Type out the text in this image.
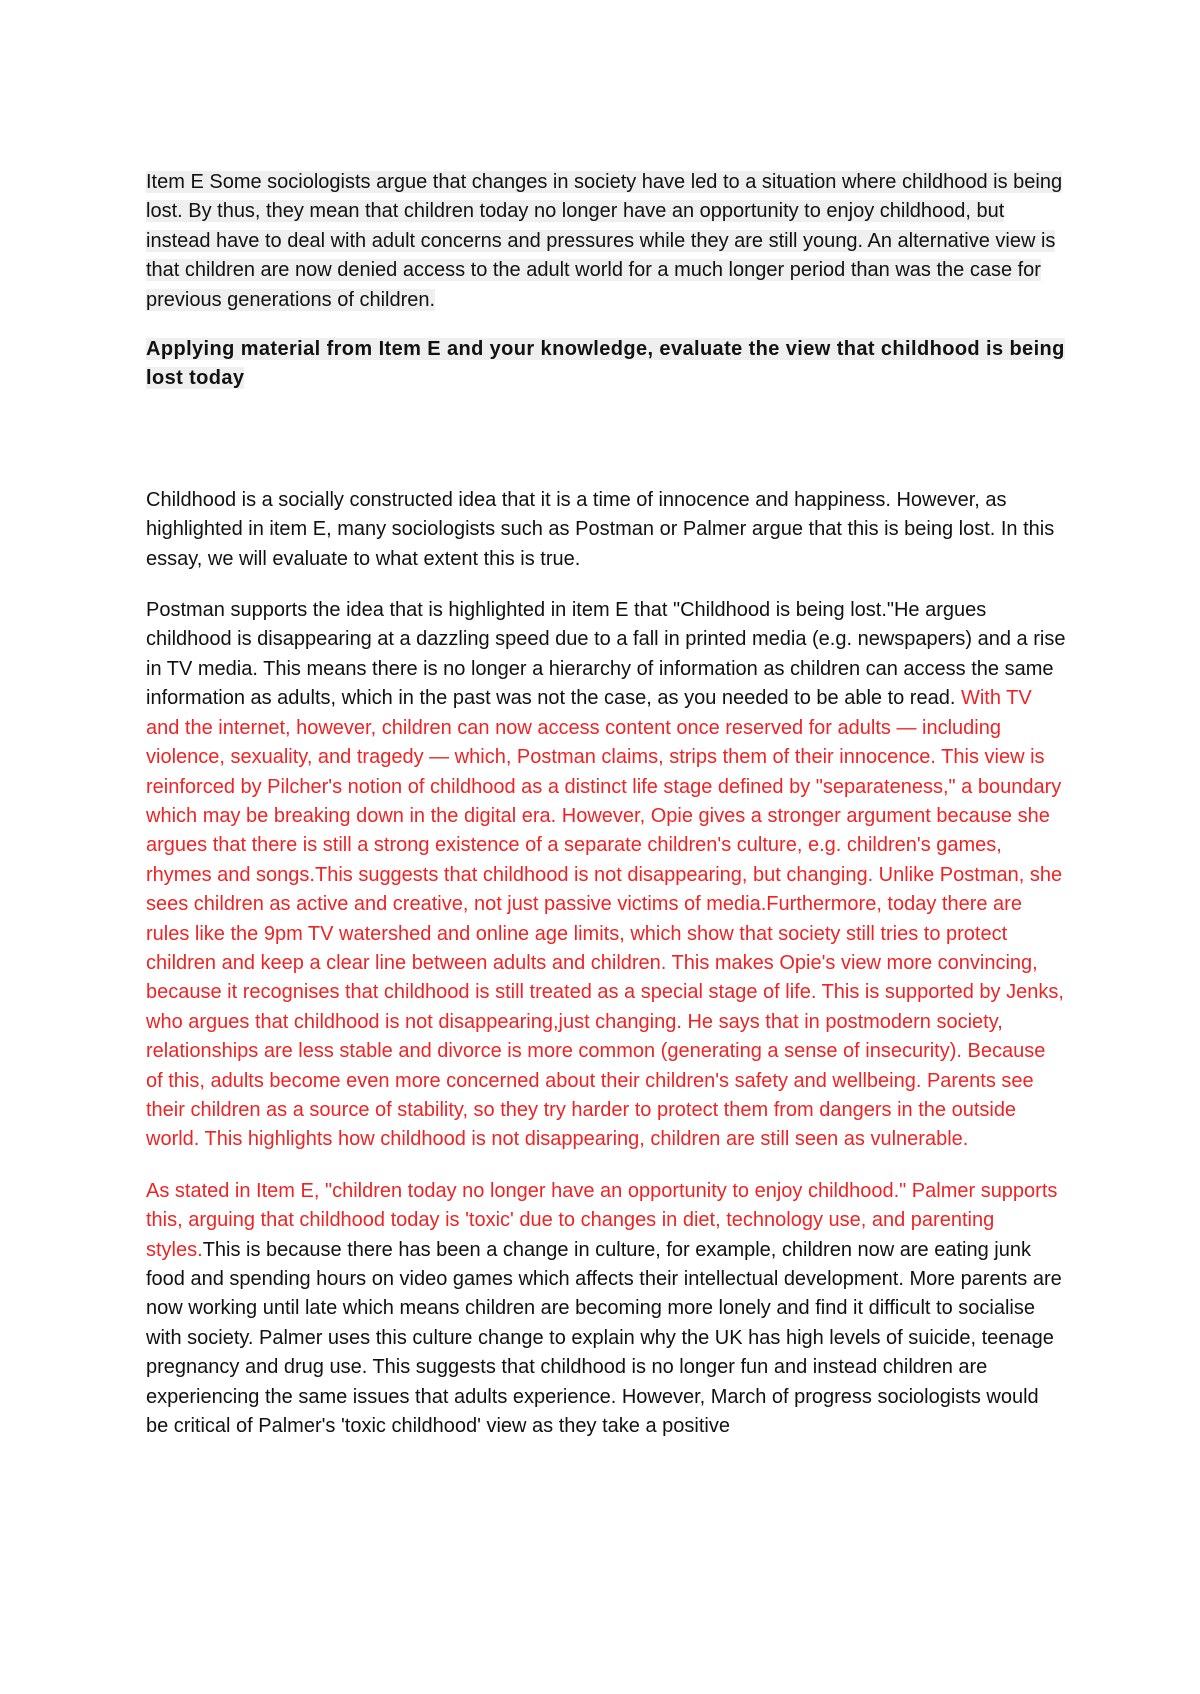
Item E Some sociologists argue that changes in society have led to a situation where childhood is being lost. By thus, they mean that children today no longer have an opportunity to enjoy childhood, but instead have to deal with adult concerns and pressures while they are still young. An alternative view is that children are now denied access to the adult world for a much longer period than was the case for previous generations of children.

Applying material from Item E and your knowledge, evaluate the view that childhood is being lost today

Childhood is a socially constructed idea that it is a time of innocence and happiness. However, as highlighted in item E, many sociologists such as Postman or Palmer argue that this is being lost. In this essay, we will evaluate to what extent this is true.

Postman supports the idea that is highlighted in item E that "Childhood is being lost."He argues childhood is disappearing at a dazzling speed due to a fall in printed media (e.g. newspapers) and a rise in TV media. This means there is no longer a hierarchy of information as children can access the same information as adults, which in the past was not the case, as you needed to be able to read. With TV and the internet, however, children can now access content once reserved for adults — including violence, sexuality, and tragedy — which, Postman claims, strips them of their innocence. This view is reinforced by Pilcher's notion of childhood as a distinct life stage defined by "separateness," a boundary which may be breaking down in the digital era. However, Opie gives a stronger argument because she argues that there is still a strong existence of a separate children's culture, e.g. children's games, rhymes and songs.This suggests that childhood is not disappearing, but changing. Unlike Postman, she sees children as active and creative, not just passive victims of media.Furthermore, today there are rules like the 9pm TV watershed and online age limits, which show that society still tries to protect children and keep a clear line between adults and children. This makes Opie's view more convincing, because it recognises that childhood is still treated as a special stage of life. This is supported by Jenks, who argues that childhood is not disappearing,just changing. He says that in postmodern society, relationships are less stable and divorce is more common (generating a sense of insecurity). Because of this, adults become even more concerned about their children's safety and wellbeing. Parents see their children as a source of stability, so they try harder to protect them from dangers in the outside world. This highlights how childhood is not disappearing, children are still seen as vulnerable.

As stated in Item E, "children today no longer have an opportunity to enjoy childhood." Palmer supports this, arguing that childhood today is 'toxic' due to changes in diet, technology use, and parenting styles.This is because there has been a change in culture, for example, children now are eating junk food and spending hours on video games which affects their intellectual development. More parents are now working until late which means children are becoming more lonely and find it difficult to socialise with society. Palmer uses this culture change to explain why the UK has high levels of suicide, teenage pregnancy and drug use. This suggests that childhood is no longer fun and instead children are experiencing the same issues that adults experience. However, March of progress sociologists would be critical of Palmer's 'toxic childhood' view as they take a positive
